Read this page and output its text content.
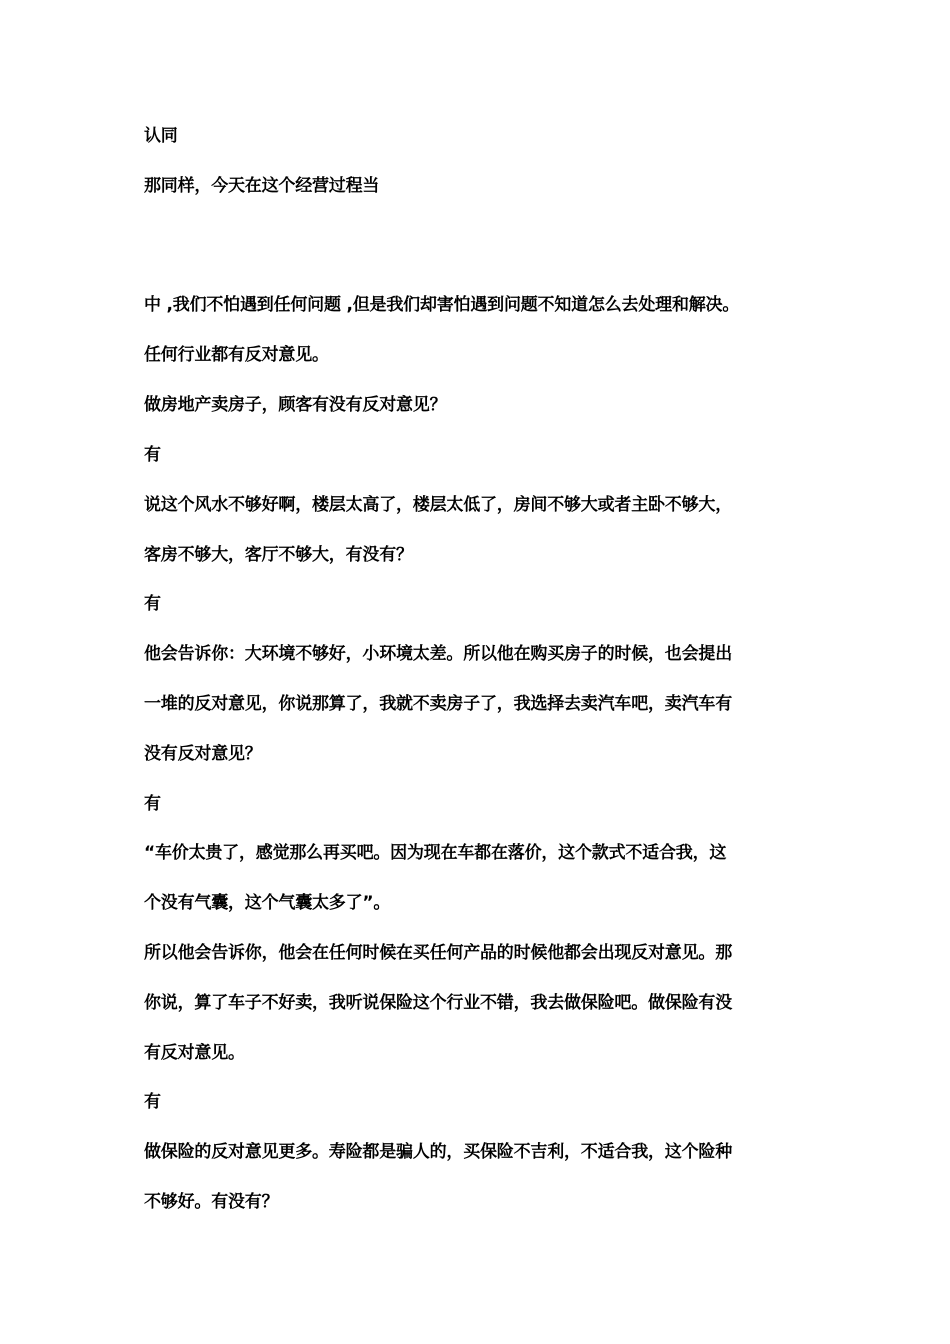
认同
那同样，今天在这个经营过程当
中 ,我们不怕遇到任何问题 ,但是我们却害怕遇到问题不知道怎么去处理和解决。
任何行业都有反对意见。
做房地产卖房子，顾客有没有反对意见？
有
说这个风水不够好啊，楼层太高了，楼层太低了，房间不够大或者主卧不够大，
客房不够大，客厅不够大，有没有？
有
他会告诉你：大环境不够好，小环境太差。所以他在购买房子的时候，也会提出
一堆的反对意见，你说那算了，我就不卖房子了，我选择去卖汽车吧，卖汽车有
没有反对意见？
有
“车价太贵了，感觉那么再买吧。因为现在车都在落价，这个款式不适合我，这
个没有气囊，这个气囊太多了”。
所以他会告诉你，他会在任何时候在买任何产品的时候他都会出现反对意见。那
你说，算了车子不好卖，我听说保险这个行业不错，我去做保险吧。做保险有没
有反对意见。
有
做保险的反对意见更多。寿险都是骗人的，买保险不吉利，不适合我，这个险种
不够好。有没有？
